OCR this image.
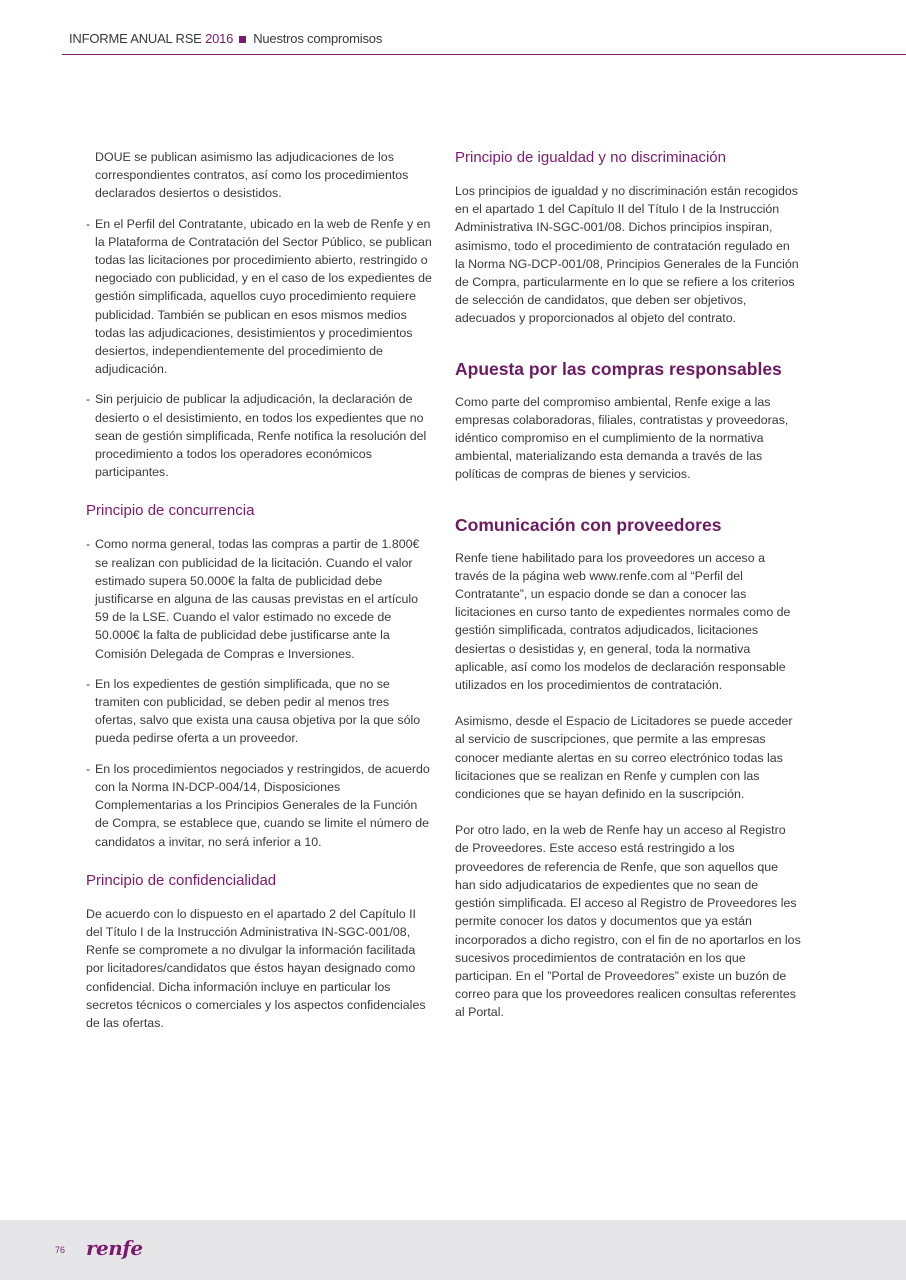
INFORME ANUAL RSE 2016 Nuestros compromisos

DOUE se publican asimismo las adjudicaciones de los correspondientes contratos, así como los procedimientos declarados desiertos o desistidos.

- En el Perfil del Contratante, ubicado en la web de Renfe y en la Plataforma de Contratación del Sector Público, se publican todas las licitaciones por procedimiento abierto, restringido o negociado con publicidad, y en el caso de los expedientes de gestión simplificada, aquellos cuyo procedimiento requiere publicidad. También se publican en esos mismos medios todas las adjudicaciones, desistimientos y procedimientos desiertos, independientemente del procedimiento de adjudicación.

- Sin perjuicio de publicar la adjudicación, la declaración de desierto o el desistimiento, en todos los expedientes que no sean de gestión simplificada, Renfe notifica la resolución del procedimiento a todos los operadores económicos participantes.

Principio de concurrencia

- Como norma general, todas las compras a partir de 1.800€ se realizan con publicidad de la licitación. Cuando el valor estimado supera 50.000€ la falta de publicidad debe justificarse en alguna de las causas previstas en el artículo 59 de la LSE. Cuando el valor estimado no excede de 50.000€ la falta de publicidad debe justificarse ante la Comisión Delegada de Compras e Inversiones.

- En los expedientes de gestión simplificada, que no se tramiten con publicidad, se deben pedir al menos tres ofertas, salvo que exista una causa objetiva por la que sólo pueda pedirse oferta a un proveedor.

- En los procedimientos negociados y restringidos, de acuerdo con la Norma IN-DCP-004/14, Disposiciones Complementarias a los Principios Generales de la Función de Compra, se establece que, cuando se limite el número de candidatos a invitar, no será inferior a 10.

Principio de confidencialidad

De acuerdo con lo dispuesto en el apartado 2 del Capítulo II del Título I de la Instrucción Administrativa IN-SGC-001/08, Renfe se compromete a no divulgar la información facilitada por licitadores/candidatos que éstos hayan designado como confidencial. Dicha información incluye en particular los secretos técnicos o comerciales y los aspectos confidenciales de las ofertas.

Principio de igualdad y no discriminación

Los principios de igualdad y no discriminación están recogidos en el apartado 1 del Capítulo II del Título I de la Instrucción Administrativa IN-SGC-001/08. Dichos principios inspiran, asimismo, todo el procedimiento de contratación regulado en la Norma NG-DCP-001/08, Principios Generales de la Función de Compra, particularmente en lo que se refiere a los criterios de selección de candidatos, que deben ser objetivos, adecuados y proporcionados al objeto del contrato.

Apuesta por las compras responsables

Como parte del compromiso ambiental, Renfe exige a las empresas colaboradoras, filiales, contratistas y proveedoras, idéntico compromiso en el cumplimiento de la normativa ambiental, materializando esta demanda a través de las políticas de compras de bienes y servicios.

Comunicación con proveedores

Renfe tiene habilitado para los proveedores un acceso a través de la página web www.renfe.com al “Perfil del Contratante”, un espacio donde se dan a conocer las licitaciones en curso tanto de expedientes normales como de gestión simplificada, contratos adjudicados, licitaciones desiertas o desistidas y, en general, toda la normativa aplicable, así como los modelos de declaración responsable utilizados en los procedimientos de contratación.

Asimismo, desde el Espacio de Licitadores se puede acceder al servicio de suscripciones, que permite a las empresas conocer mediante alertas en su correo electrónico todas las licitaciones que se realizan en Renfe y cumplen con las condiciones que se hayan definido en la suscripción.

Por otro lado, en la web de Renfe hay un acceso al Registro de Proveedores. Este acceso está restringido a los proveedores de referencia de Renfe, que son aquellos que han sido adjudicatarios de expedientes que no sean de gestión simplificada. El acceso al Registro de Proveedores les permite conocer los datos y documentos que ya están incorporados a dicho registro, con el fin de no aportarlos en los sucesivos procedimientos de contratación en los que participan. En el ”Portal de Proveedores” existe un buzón de correo para que los proveedores realicen consultas referentes al Portal.

76 renfe
